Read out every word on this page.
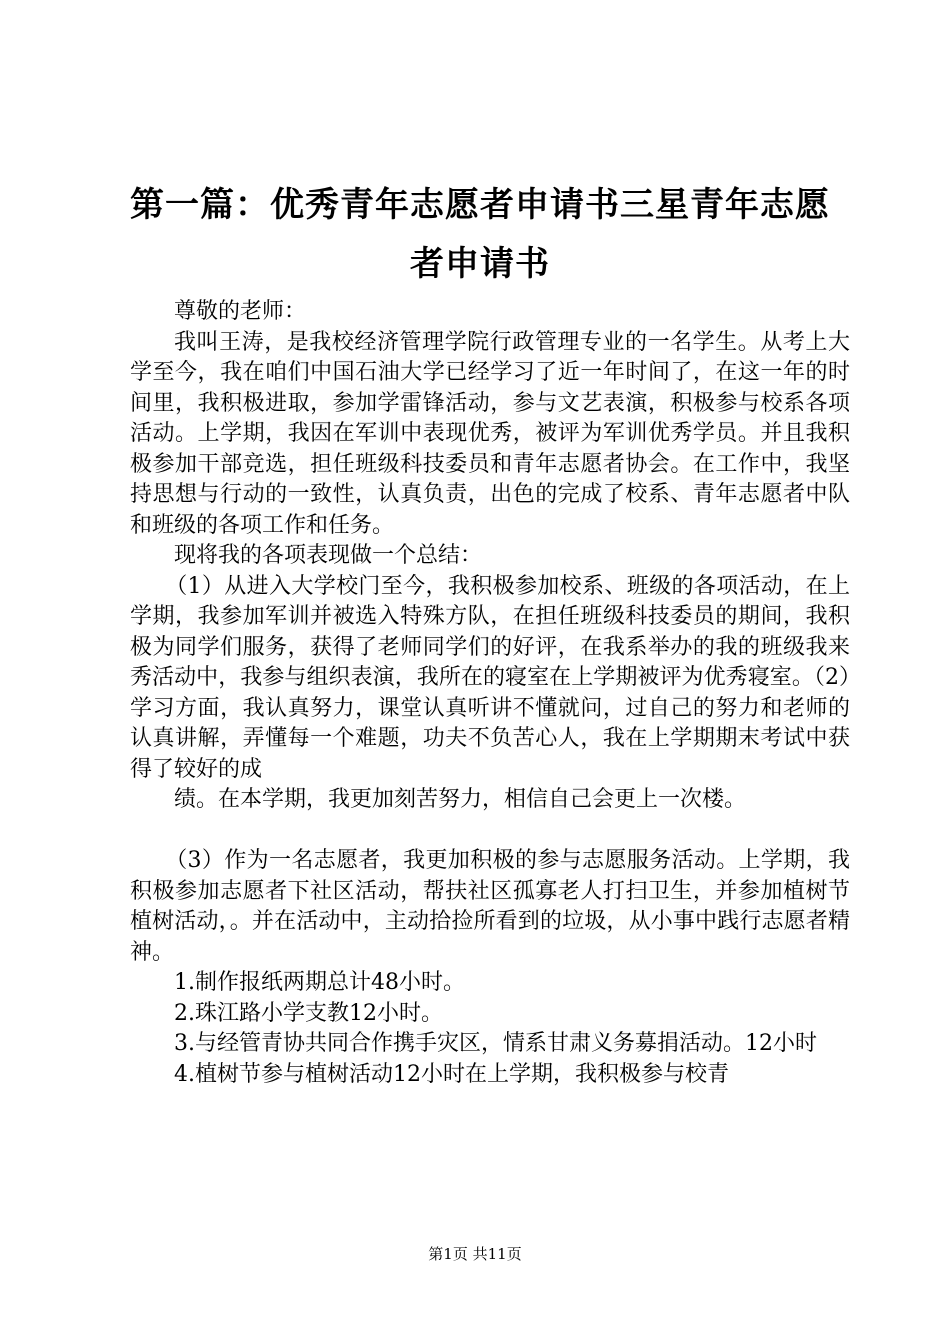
第一篇：优秀青年志愿者申请书三星青年志愿
者申请书

尊敬的老师：

我叫王涛，是我校经济管理学院行政管理专业的一名学生。从考上大学至今，我在咱们中国石油大学已经学习了近一年时间了，在这一年的时间里，我积极进取，参加学雷锋活动，参与文艺表演，积极参与校系各项活动。上学期，我因在军训中表现优秀，被评为军训优秀学员。并且我积极参加干部竞选，担任班级科技委员和青年志愿者协会。在工作中，我坚持思想与行动的一致性，认真负责，出色的完成了校系、青年志愿者中队和班级的各项工作和任务。

现将我的各项表现做一个总结：

（1）从进入大学校门至今，我积极参加校系、班级的各项活动，在上学期，我参加军训并被选入特殊方队，在担任班级科技委员的期间，我积极为同学们服务，获得了老师同学们的好评，在我系举办的我的班级我来秀活动中，我参与组织表演，我所在的寝室在上学期被评为优秀寝室。（2）学习方面，我认真努力，课堂认真听讲不懂就问，过自己的努力和老师的认真讲解，弄懂每一个难题，功夫不负苦心人，我在上学期期末考试中获得了较好的成

绩。在本学期，我更加刻苦努力，相信自己会更上一次楼。

（3）作为一名志愿者，我更加积极的参与志愿服务活动。上学期，我积极参加志愿者下社区活动，帮扶社区孤寡老人打扫卫生，并参加植树节植树活动，。并在活动中，主动拾捡所看到的垃圾，从小事中践行志愿者精神。

1.制作报纸两期总计48小时。

2.珠江路小学支教12小时。

3.与经管青协共同合作携手灾区，情系甘肃义务募捐活动。12小时

4.植树节参与植树活动12小时在上学期，我积极参与校青

第1页 共11页
